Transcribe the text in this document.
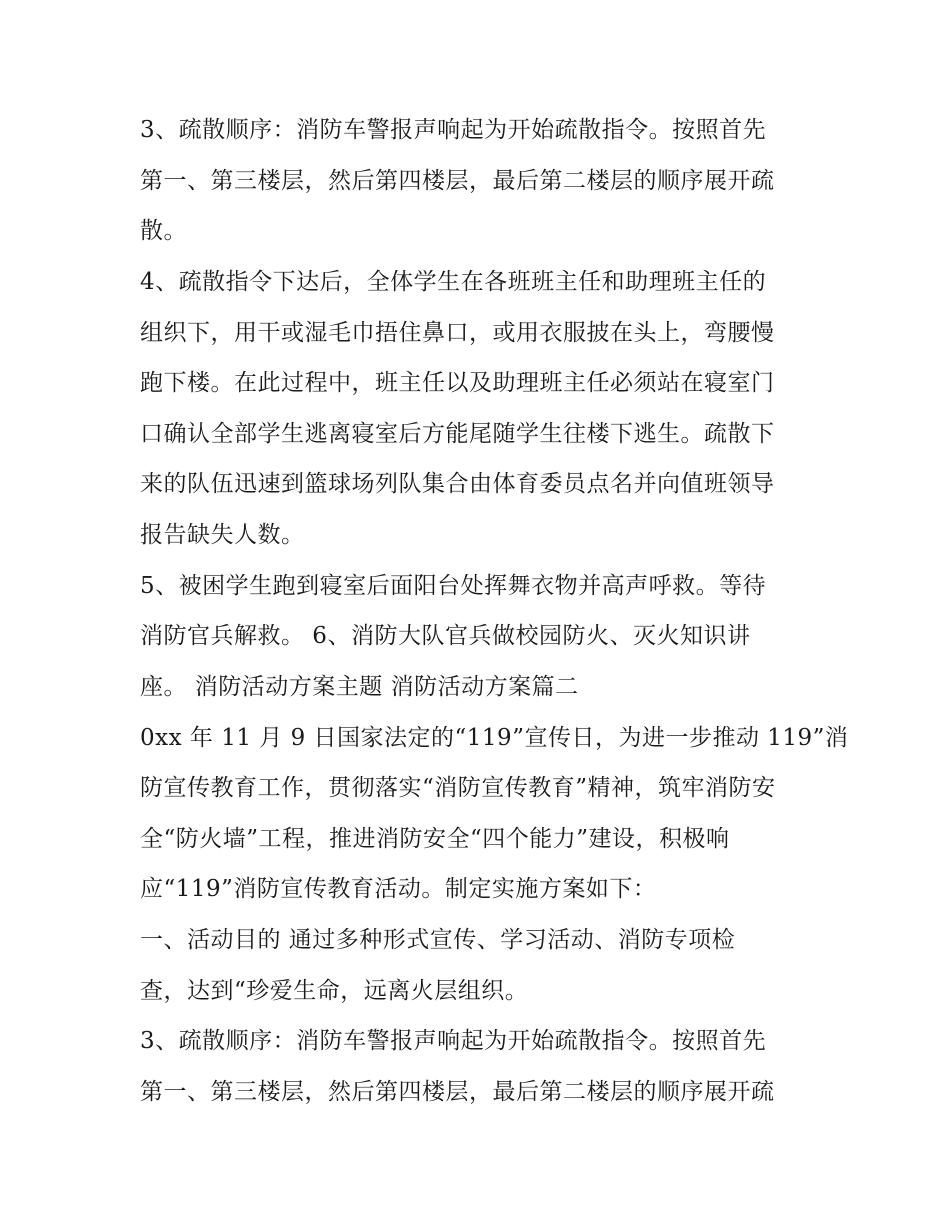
3、疏散顺序：消防车警报声响起为开始疏散指令。按照首先
第一、第三楼层，然后第四楼层，最后第二楼层的顺序展开疏
散。
4、疏散指令下达后，全体学生在各班班主任和助理班主任的
组织下，用干或湿毛巾捂住鼻口，或用衣服披在头上，弯腰慢
跑下楼。在此过程中，班主任以及助理班主任必须站在寝室门
口确认全部学生逃离寝室后方能尾随学生往楼下逃生。疏散下
来的队伍迅速到篮球场列队集合由体育委员点名并向值班领导
报告缺失人数。
5、被困学生跑到寝室后面阳台处挥舞衣物并高声呼救。等待
消防官兵解救。 6、消防大队官兵做校园防火、灭火知识讲
座。 消防活动方案主题 消防活动方案篇二
0xx 年 11 月 9 日国家法定的“119”宣传日，为进一步推动 119”消
防宣传教育工作，贯彻落实“消防宣传教育”精神，筑牢消防安
全“防火墙”工程，推进消防安全“四个能力”建设，积极响
应“119”消防宣传教育活动。制定实施方案如下：
一、活动目的 通过多种形式宣传、学习活动、消防专项检
查，达到“珍爱生命，远离火层组织。
3、疏散顺序：消防车警报声响起为开始疏散指令。按照首先
第一、第三楼层，然后第四楼层，最后第二楼层的顺序展开疏
